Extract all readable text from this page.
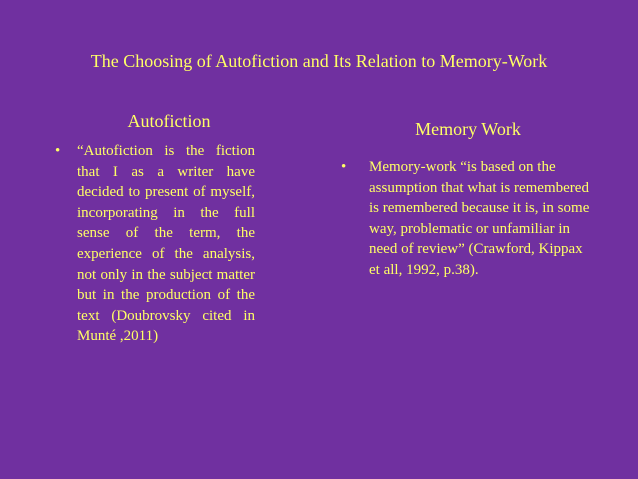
The Choosing of Autofiction and Its Relation to Memory-Work
Autofiction	Memory Work
• “Autofiction is the fiction that I as a writer have decided to present of myself, incorporating in the full sense of the term, the experience of the analysis, not only in the subject matter but in the production of the text (Doubrovsky cited in Munté ,2011)
• Memory-work “is based on the assumption that what is remembered is remembered because it is, in some way, problematic or unfamiliar in need of review” (Crawford, Kippax et all, 1992, p.38).
